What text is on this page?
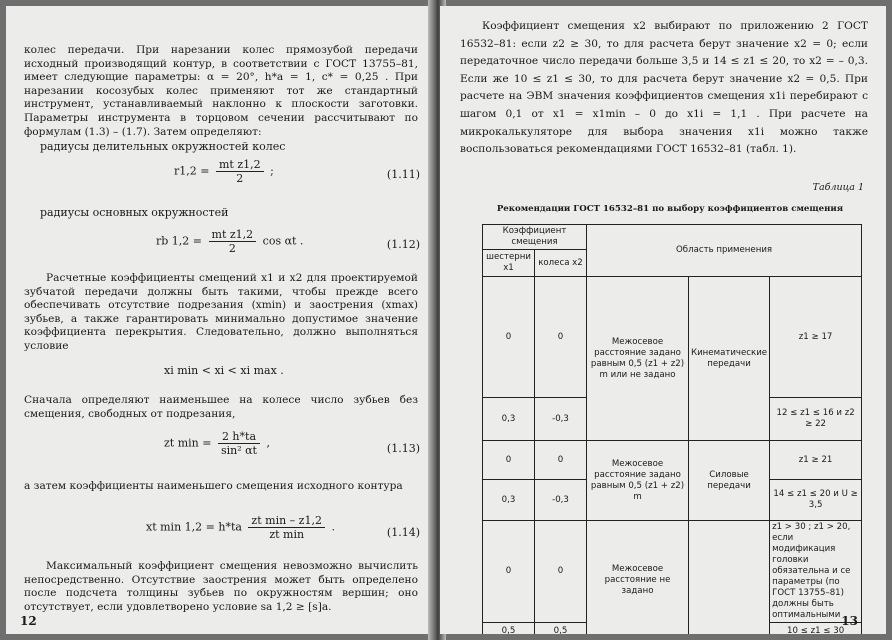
колес передачи. При нарезании колес прямозубой передачи исходный производящий контур, в соответствии с ГОСТ 13755–81, имеет следующие параметры: α = 20°, h*a = 1, c* = 0,25 . При нарезании косозубых колес применяют тот же стандартный инструмент, устанавливаемый наклонно к плоскости заготовки. Параметры инструмента в торцовом сечении рассчитывают по формулам (1.3) – (1.7). Затем определяют:

радиусы делительных окружностей колес
$r1,2 = \frac{\text{mt z1,2}}{2}$ ;	(1.11)
радиусы основных окружностей
rb $1,2 = \frac{\text{mt z1,2}}{2}$ cos αt .	(1.12)

Расчетные коэффициенты смещений x1 и x2 для проектируемой зубчатой передачи должны быть такими, чтобы прежде всего обеспечивать отсутствие подрезания (xmin) и заострения (xmax) зубьев, а также гарантировать минимально допустимое значение коэффициента перекрытия. Следовательно, должно выполняться условие

xi min < xi < xi max .

Сначала определяют наименьшее на колесе число зубьев без смещения, свободных от подрезания,

zt $\min = \frac{2 h*ta}{\text{sin² αt}}$ ,	(1.13)

а затем коэффициенты наименьшего смещения исходного контура

xt $\min 1,2 = h*ta \frac{\text{zt min – z1,2}}{\text{zt min}}$ .	(1.14)

Максимальный коэффициент смещения невозможно вычислить непосредственно. Отсутствие заострения может быть определено после подсчета толщины зубьев по окружностям вершин; оно отсутствует, если удовлетворено условие sa 1,2 ≥ [s]a.

12

Коэффициент смещения x2 выбирают по приложению 2 ГОСТ 16532–81: если z2 ≥ 30, то для расчета берут значение x2 = 0; если передаточное число передачи больше 3,5 и 14 ≤ z1 ≤ 20, то x2 = – 0,3. Если же 10 ≤ z1 ≤ 30, то для расчета берут значение x2 = 0,5. При расчете на ЭВМ значения коэффициентов смещения x1i перебирают с шагом 0,1 от x1 = x1min – 0 до x1i = 1,1 . При расчете на микрокалькуляторе для выбора значения x1i можно также воспользоваться рекомендациями ГОСТ 16532–81 (табл. 1).

Таблица 1
Рекомендации ГОСТ 16532–81 по выбору коэффициентов смещения
Коэффициент смещения		Область применения		
шестерни x1	колеса x2			
0	0	Межосевое расстояние задано равным 0,5 (z1 + z2) m или не задано	Кинематические передачи	z1 ≥ 17
0,3	-0,3			12 ≤ z1 ≤ 16 и z2 ≥ 22
0	0	Межосевое расстояние задано равным 0,5 (z1 + z2) m	Силовые передачи	z1 ≥ 21
0,3	-0,3			14 ≤ z1 ≤ 20 и U ≥ 3,5
0	0	Межосевое расстояние не задано		z1 > 30 ; z1 > 20, если модификация головки обязательна и се параметры (по ГОСТ 13755–81) должны быть оптимальными
0,5	0,5			10 ≤ z1 ≤ 30
13
